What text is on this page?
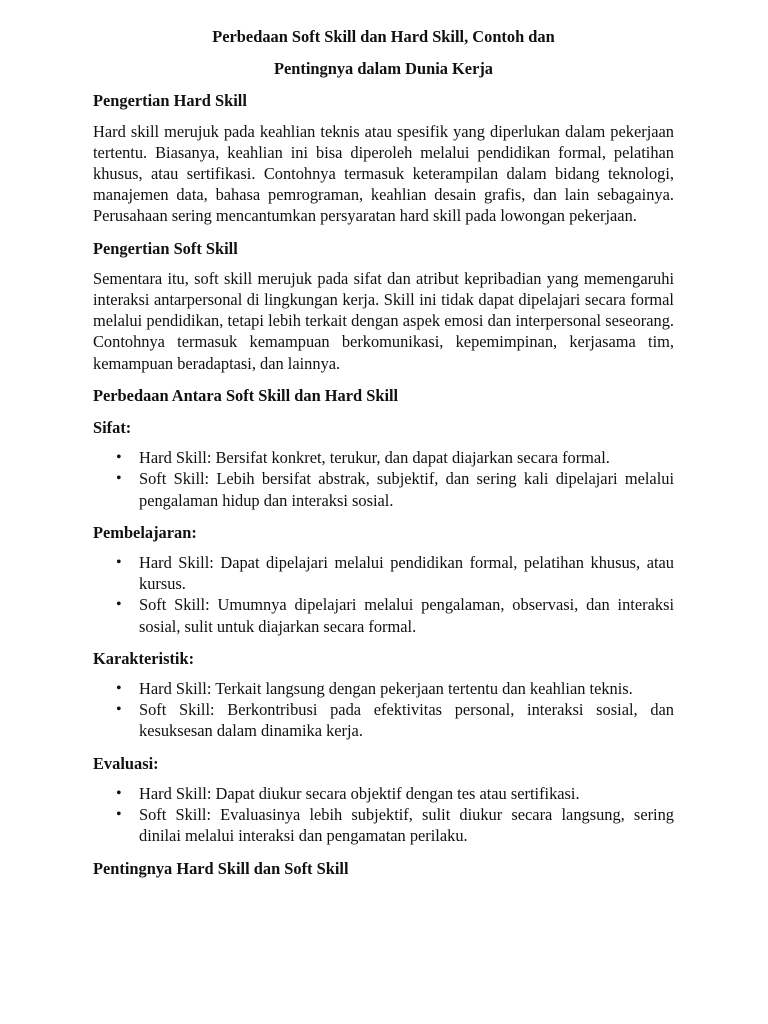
Perbedaan Soft Skill dan Hard Skill, Contoh dan

Pentingnya dalam Dunia Kerja

Pengertian Hard Skill

Hard skill merujuk pada keahlian teknis atau spesifik yang diperlukan dalam pekerjaan tertentu. Biasanya, keahlian ini bisa diperoleh melalui pendidikan formal, pelatihan khusus, atau sertifikasi. Contohnya termasuk keterampilan dalam bidang teknologi, manajemen data, bahasa pemrograman, keahlian desain grafis, dan lain sebagainya. Perusahaan sering mencantumkan persyaratan hard skill pada lowongan pekerjaan.

Pengertian Soft Skill

Sementara itu, soft skill merujuk pada sifat dan atribut kepribadian yang memengaruhi interaksi antarpersonal di lingkungan kerja. Skill ini tidak dapat dipelajari secara formal melalui pendidikan, tetapi lebih terkait dengan aspek emosi dan interpersonal seseorang. Contohnya termasuk kemampuan berkomunikasi, kepemimpinan, kerjasama tim, kemampuan beradaptasi, dan lainnya.

Perbedaan Antara Soft Skill dan Hard Skill
Sifat:
• Hard Skill: Bersifat konkret, terukur, dan dapat diajarkan secara formal.
• Soft Skill: Lebih bersifat abstrak, subjektif, dan sering kali dipelajari melalui pengalaman hidup dan interaksi sosial.
Pembelajaran:
• Hard Skill: Dapat dipelajari melalui pendidikan formal, pelatihan khusus, atau kursus.
• Soft Skill: Umumnya dipelajari melalui pengalaman, observasi, dan interaksi sosial, sulit untuk diajarkan secara formal.
Karakteristik:
• Hard Skill: Terkait langsung dengan pekerjaan tertentu dan keahlian teknis.
• Soft Skill: Berkontribusi pada efektivitas personal, interaksi sosial, dan kesuksesan dalam dinamika kerja.
Evaluasi:
• Hard Skill: Dapat diukur secara objektif dengan tes atau sertifikasi.
• Soft Skill: Evaluasinya lebih subjektif, sulit diukur secara langsung, sering dinilai melalui interaksi dan pengamatan perilaku.
Pentingnya Hard Skill dan Soft Skill
